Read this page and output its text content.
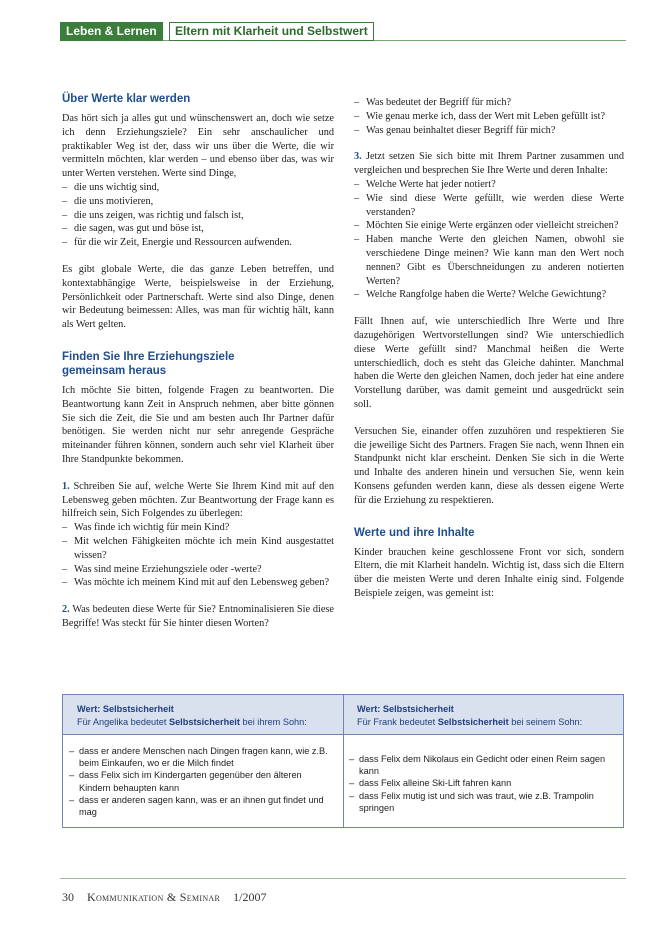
Leben & Lernen	Eltern mit Klarheit und Selbstwert
Über Werte klar werden

Das hört sich ja alles gut und wünschenswert an, doch wie setze ich denn Erziehungsziele? Ein sehr anschaulicher und praktikabler Weg ist der, dass wir uns über die Werte, die wir vermitteln möchten, klar werden – und ebenso über das, was wir unter Werten verstehen. Werte sind Dinge,

– die uns wichtig sind,
– die uns motivieren,
– die uns zeigen, was richtig und falsch ist,
– die sagen, was gut und böse ist,
– für die wir Zeit, Energie und Ressourcen aufwenden.

Es gibt globale Werte, die das ganze Leben betreffen, und kontextabhängige Werte, beispielsweise in der Erziehung, Persönlichkeit oder Partnerschaft. Werte sind also Dinge, denen wir Bedeutung beimessen: Alles, was man für wichtig hält, kann als Wert gelten.

Finden Sie Ihre Erziehungsziele
gemeinsam heraus

Ich möchte Sie bitten, folgende Fragen zu beantworten. Die Beantwortung kann Zeit in Anspruch nehmen, aber bitte gönnen Sie sich die Zeit, die Sie und am besten auch Ihr Partner dafür benötigen. Sie werden nicht nur sehr anregende Gespräche miteinander führen können, sondern auch sehr viel Klarheit über Ihre Standpunkte bekommen.

1. Schreiben Sie auf, welche Werte Sie Ihrem Kind mit auf den Lebensweg geben möchten. Zur Beantwortung der Frage kann es hilfreich sein, Sich Folgendes zu überlegen:

– Was finde ich wichtig für mein Kind?
– Mit welchen Fähigkeiten möchte ich mein Kind ausgestattet wissen?
– Was sind meine Erziehungsziele oder -werte?
– Was möchte ich meinem Kind mit auf den Lebensweg geben?

2. Was bedeuten diese Werte für Sie? Entnominalisieren Sie diese Begriffe! Was steckt für Sie hinter diesen Worten?

– Was bedeutet der Begriff für mich?
– Wie genau merke ich, dass der Wert mit Leben gefüllt ist?
– Was genau beinhaltet dieser Begriff für mich?

3. Jetzt setzen Sie sich bitte mit Ihrem Partner zusammen und vergleichen und besprechen Sie Ihre Werte und deren Inhalte:

– Welche Werte hat jeder notiert?
– Wie sind diese Werte gefüllt, wie werden diese Werte verstanden?
– Möchten Sie einige Werte ergänzen oder vielleicht streichen?
– Haben manche Werte den gleichen Namen, obwohl sie verschiedene Dinge meinen? Wie kann man den Wert noch nennen? Gibt es Überschneidungen zu anderen notierten Werten?
– Welche Rangfolge haben die Werte? Welche Gewichtung?

Fällt Ihnen auf, wie unterschiedlich Ihre Werte und Ihre dazugehörigen Wertvorstellungen sind? Wie unterschiedlich diese Werte gefüllt sind? Manchmal heißen die Werte unterschiedlich, doch es steht das Gleiche dahinter. Manchmal haben die Werte den gleichen Namen, doch jeder hat eine andere Vorstellung darüber, was damit gemeint und ausgedrückt sein soll.

Versuchen Sie, einander offen zuzuhören und respektieren Sie die jeweilige Sicht des Partners. Fragen Sie nach, wenn Ihnen ein Standpunkt nicht klar erscheint. Denken Sie sich in die Werte und Inhalte des anderen hinein und versuchen Sie, wenn kein Konsens gefunden werden kann, diese als dessen eigene Werte für die Erziehung zu respektieren.

Werte und ihre Inhalte

Kinder brauchen keine geschlossene Front vor sich, sondern Eltern, die mit Klarheit handeln. Wichtig ist, dass sich die Eltern über die meisten Werte und deren Inhalte einig sind. Folgende Beispiele zeigen, was gemeint ist:

Wert: Selbstsicherheit
Für Angelika bedeutet Selbstsicherheit bei ihrem Sohn:
Wert: Selbstsicherheit
Für Frank bedeutet Selbstsicherheit bei seinem Sohn:
– dass er andere Menschen nach Dingen fragen kann, wie z.B. beim Einkaufen, wo er die Milch findet
– dass Felix sich im Kindergarten gegenüber den älteren Kindern behaupten kann
– dass er anderen sagen kann, was er an ihnen gut findet und mag
– dass Felix dem Nikolaus ein Gedicht oder einen Reim sagen kann
– dass Felix alleine Ski-Lift fahren kann
– dass Felix mutig ist und sich was traut, wie z.B. Trampolin springen
30 Kommunikation & Seminar 1/2007
